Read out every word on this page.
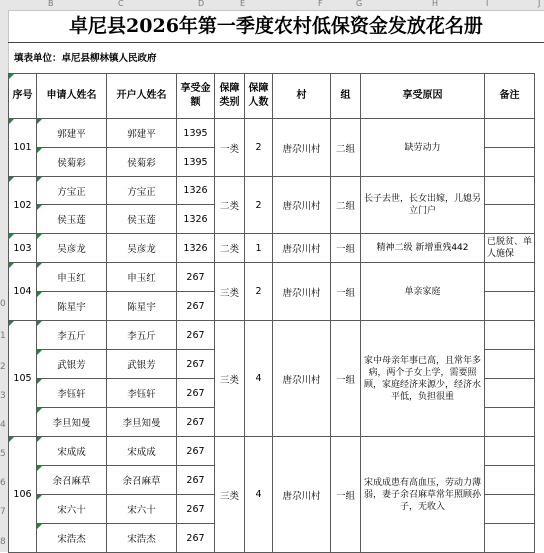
B	C	D	E	F	G	H	I	J
0
1
2
3
4
5
6
7
8
卓尼县2026年第一季度农村低保资金发放花名册
填表单位：卓尼县柳林镇人民政府
序号	申请人姓名	开户人姓名	享受金额	保障类别	保障人数	村	组	享受原因	备注
101	郭建平	郭建平	1395	一类	2	唐尕川村	二组	缺劳动力	
	侯菊彩	侯菊彩	1395						
102	方宝正	方宝正	1326	二类	2	唐尕川村	二组	长子去世，长女出嫁，儿媳另立门户	
	侯玉莲	侯玉莲	1326						
103	吴彦龙	吴彦龙	1326	二类	1	唐尕川村	一组	精神二级 新增重残442	已脱贫、单人施保
104	申玉红	申玉红	267	三类	2	唐尕川村	一组	单亲家庭	
	陈星宇	陈星宇	267						
105	李五斤	李五斤	267	三类	4	唐尕川村	一组	家中母亲年事已高，且常年多病，两个子女上学，需要照顾，家庭经济来源少，经济水平低，负担很重	
	武银芳	武银芳	267						
	李钰轩	李钰轩	267						
	李旦知曼	李旦知曼	267						
106	宋成成	宋成成	267	三类	4	唐尕川村	一组	宋成成患有高血压，劳动力薄弱，妻子余召麻草常年照顾孙子，无收入	
	余召麻草	余召麻草	267						
	宋六十	宋六十	267						
	宋浩杰	宋浩杰	267						
